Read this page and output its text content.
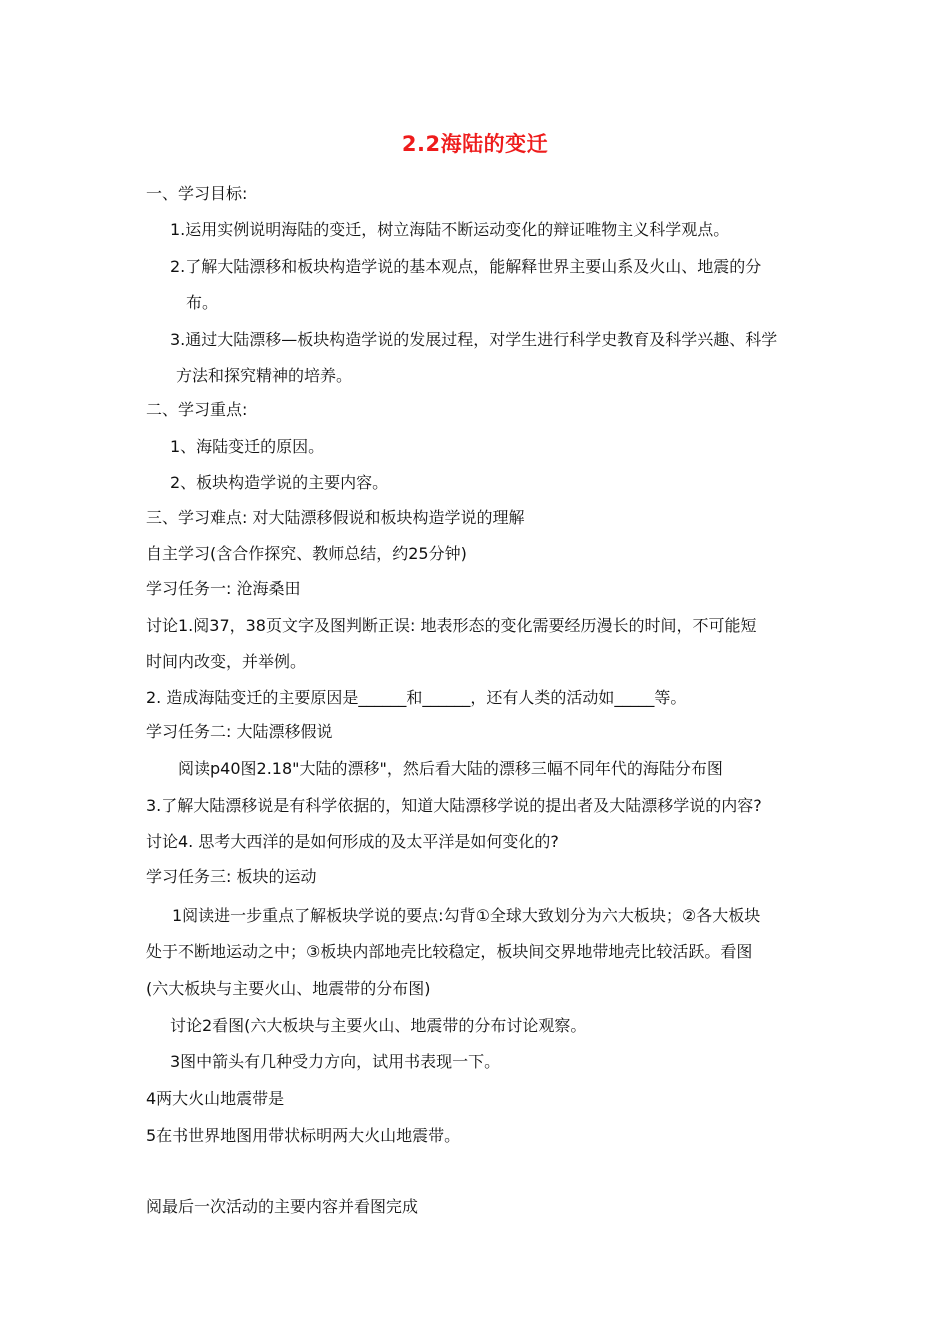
2.2海陆的变迁
一、学习目标:
1.运用实例说明海陆的变迁，树立海陆不断运动变化的辩证唯物主义科学观点。
2.了解大陆漂移和板块构造学说的基本观点，能解释世界主要山系及火山、地震的分
布。
3.通过大陆漂移—板块构造学说的发展过程，对学生进行科学史教育及科学兴趣、科学
方法和探究精神的培养。
二、学习重点:
1、海陆变迁的原因。
2、板块构造学说的主要内容。
三、学习难点: 对大陆漂移假说和板块构造学说的理解
自主学习(含合作探究、教师总结，约25分钟)
学习任务一: 沧海桑田
讨论1.阅37，38页文字及图判断正误: 地表形态的变化需要经历漫长的时间，不可能短
时间内改变，并举例。
2. 造成海陆变迁的主要原因是______和______，还有人类的活动如_____等。
学习任务二: 大陆漂移假说
阅读p40图2.18"大陆的漂移"，然后看大陆的漂移三幅不同年代的海陆分布图
3.了解大陆漂移说是有科学依据的，知道大陆漂移学说的提出者及大陆漂移学说的内容?
讨论4. 思考大西洋的是如何形成的及太平洋是如何变化的?
学习任务三: 板块的运动
1阅读进一步重点了解板块学说的要点:勾背①全球大致划分为六大板块；②各大板块
处于不断地运动之中；③板块内部地壳比较稳定，板块间交界地带地壳比较活跃。看图
(六大板块与主要火山、地震带的分布图)
讨论2看图(六大板块与主要火山、地震带的分布讨论观察。
3图中箭头有几种受力方向，试用书表现一下。
4两大火山地震带是
5在书世界地图用带状标明两大火山地震带。
阅最后一次活动的主要内容并看图完成
